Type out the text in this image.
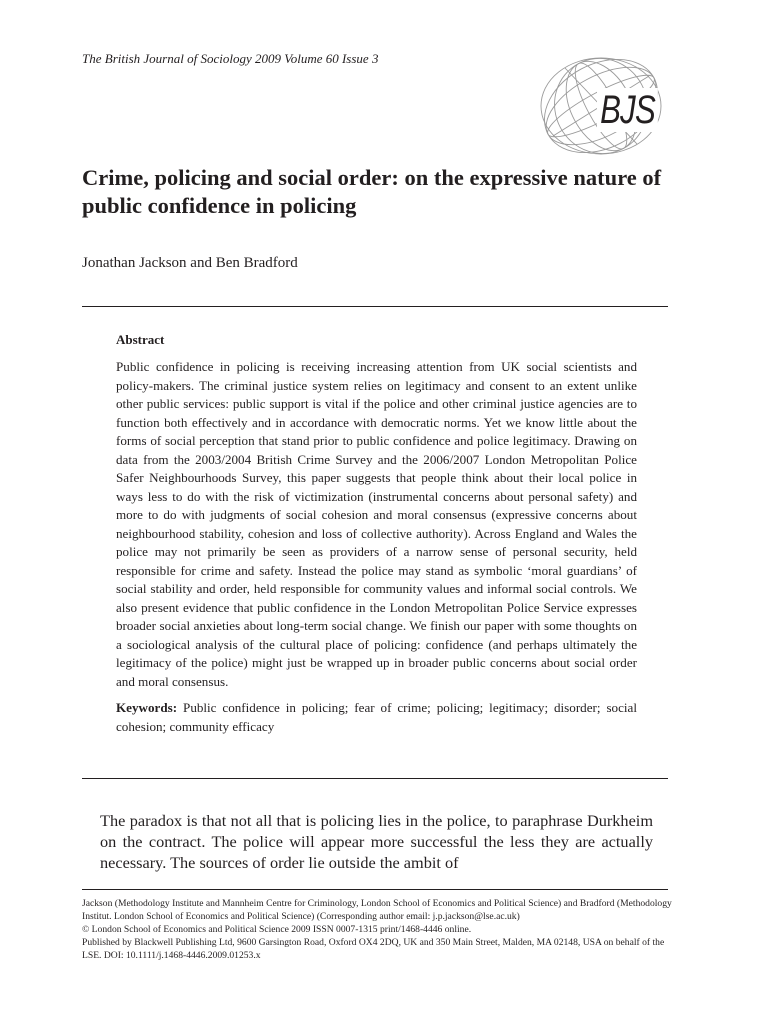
The British Journal of Sociology 2009 Volume 60 Issue 3
BJS
Crime, policing and social order: on the expressive nature of public confidence in policing
Jonathan Jackson and Ben Bradford

Abstract

Public confidence in policing is receiving increasing attention from UK social scientists and policy-makers. The criminal justice system relies on legitimacy and consent to an extent unlike other public services: public support is vital if the police and other criminal justice agencies are to function both effectively and in accordance with democratic norms. Yet we know little about the forms of social perception that stand prior to public confidence and police legitimacy. Drawing on data from the 2003/2004 British Crime Survey and the 2006/2007 London Metropolitan Police Safer Neighbourhoods Survey, this paper suggests that people think about their local police in ways less to do with the risk of victimization (instrumental concerns about personal safety) and more to do with judgments of social cohesion and moral consensus (expressive concerns about neighbourhood stability, cohesion and loss of collective authority). Across England and Wales the police may not primarily be seen as providers of a narrow sense of personal security, held responsible for crime and safety. Instead the police may stand as symbolic ‘moral guardians’ of social stability and order, held responsible for community values and informal social controls. We also present evidence that public confidence in the London Metropolitan Police Service expresses broader social anxieties about long-term social change. We finish our paper with some thoughts on a sociological analysis of the cultural place of policing: confidence (and perhaps ultimately the legitimacy of the police) might just be wrapped up in broader public concerns about social order and moral consensus.

Keywords: Public confidence in policing; fear of crime; policing; legitimacy; disorder; social cohesion; community efficacy

The paradox is that not all that is policing lies in the police, to paraphrase Durkheim on the contract. The police will appear more successful the less they are actually necessary. The sources of order lie outside the ambit of

Jackson (Methodology Institute and Mannheim Centre for Criminology, London School of Economics and Political Science) and Bradford (Methodology Institut. London School of Economics and Political Science) (Corresponding author email: j.p.jackson@lse.ac.uk)

© London School of Economics and Political Science 2009 ISSN 0007-1315 print/1468-4446 online.

Published by Blackwell Publishing Ltd, 9600 Garsington Road, Oxford OX4 2DQ, UK and 350 Main Street, Malden, MA 02148, USA on behalf of the LSE. DOI: 10.1111/j.1468-4446.2009.01253.x
